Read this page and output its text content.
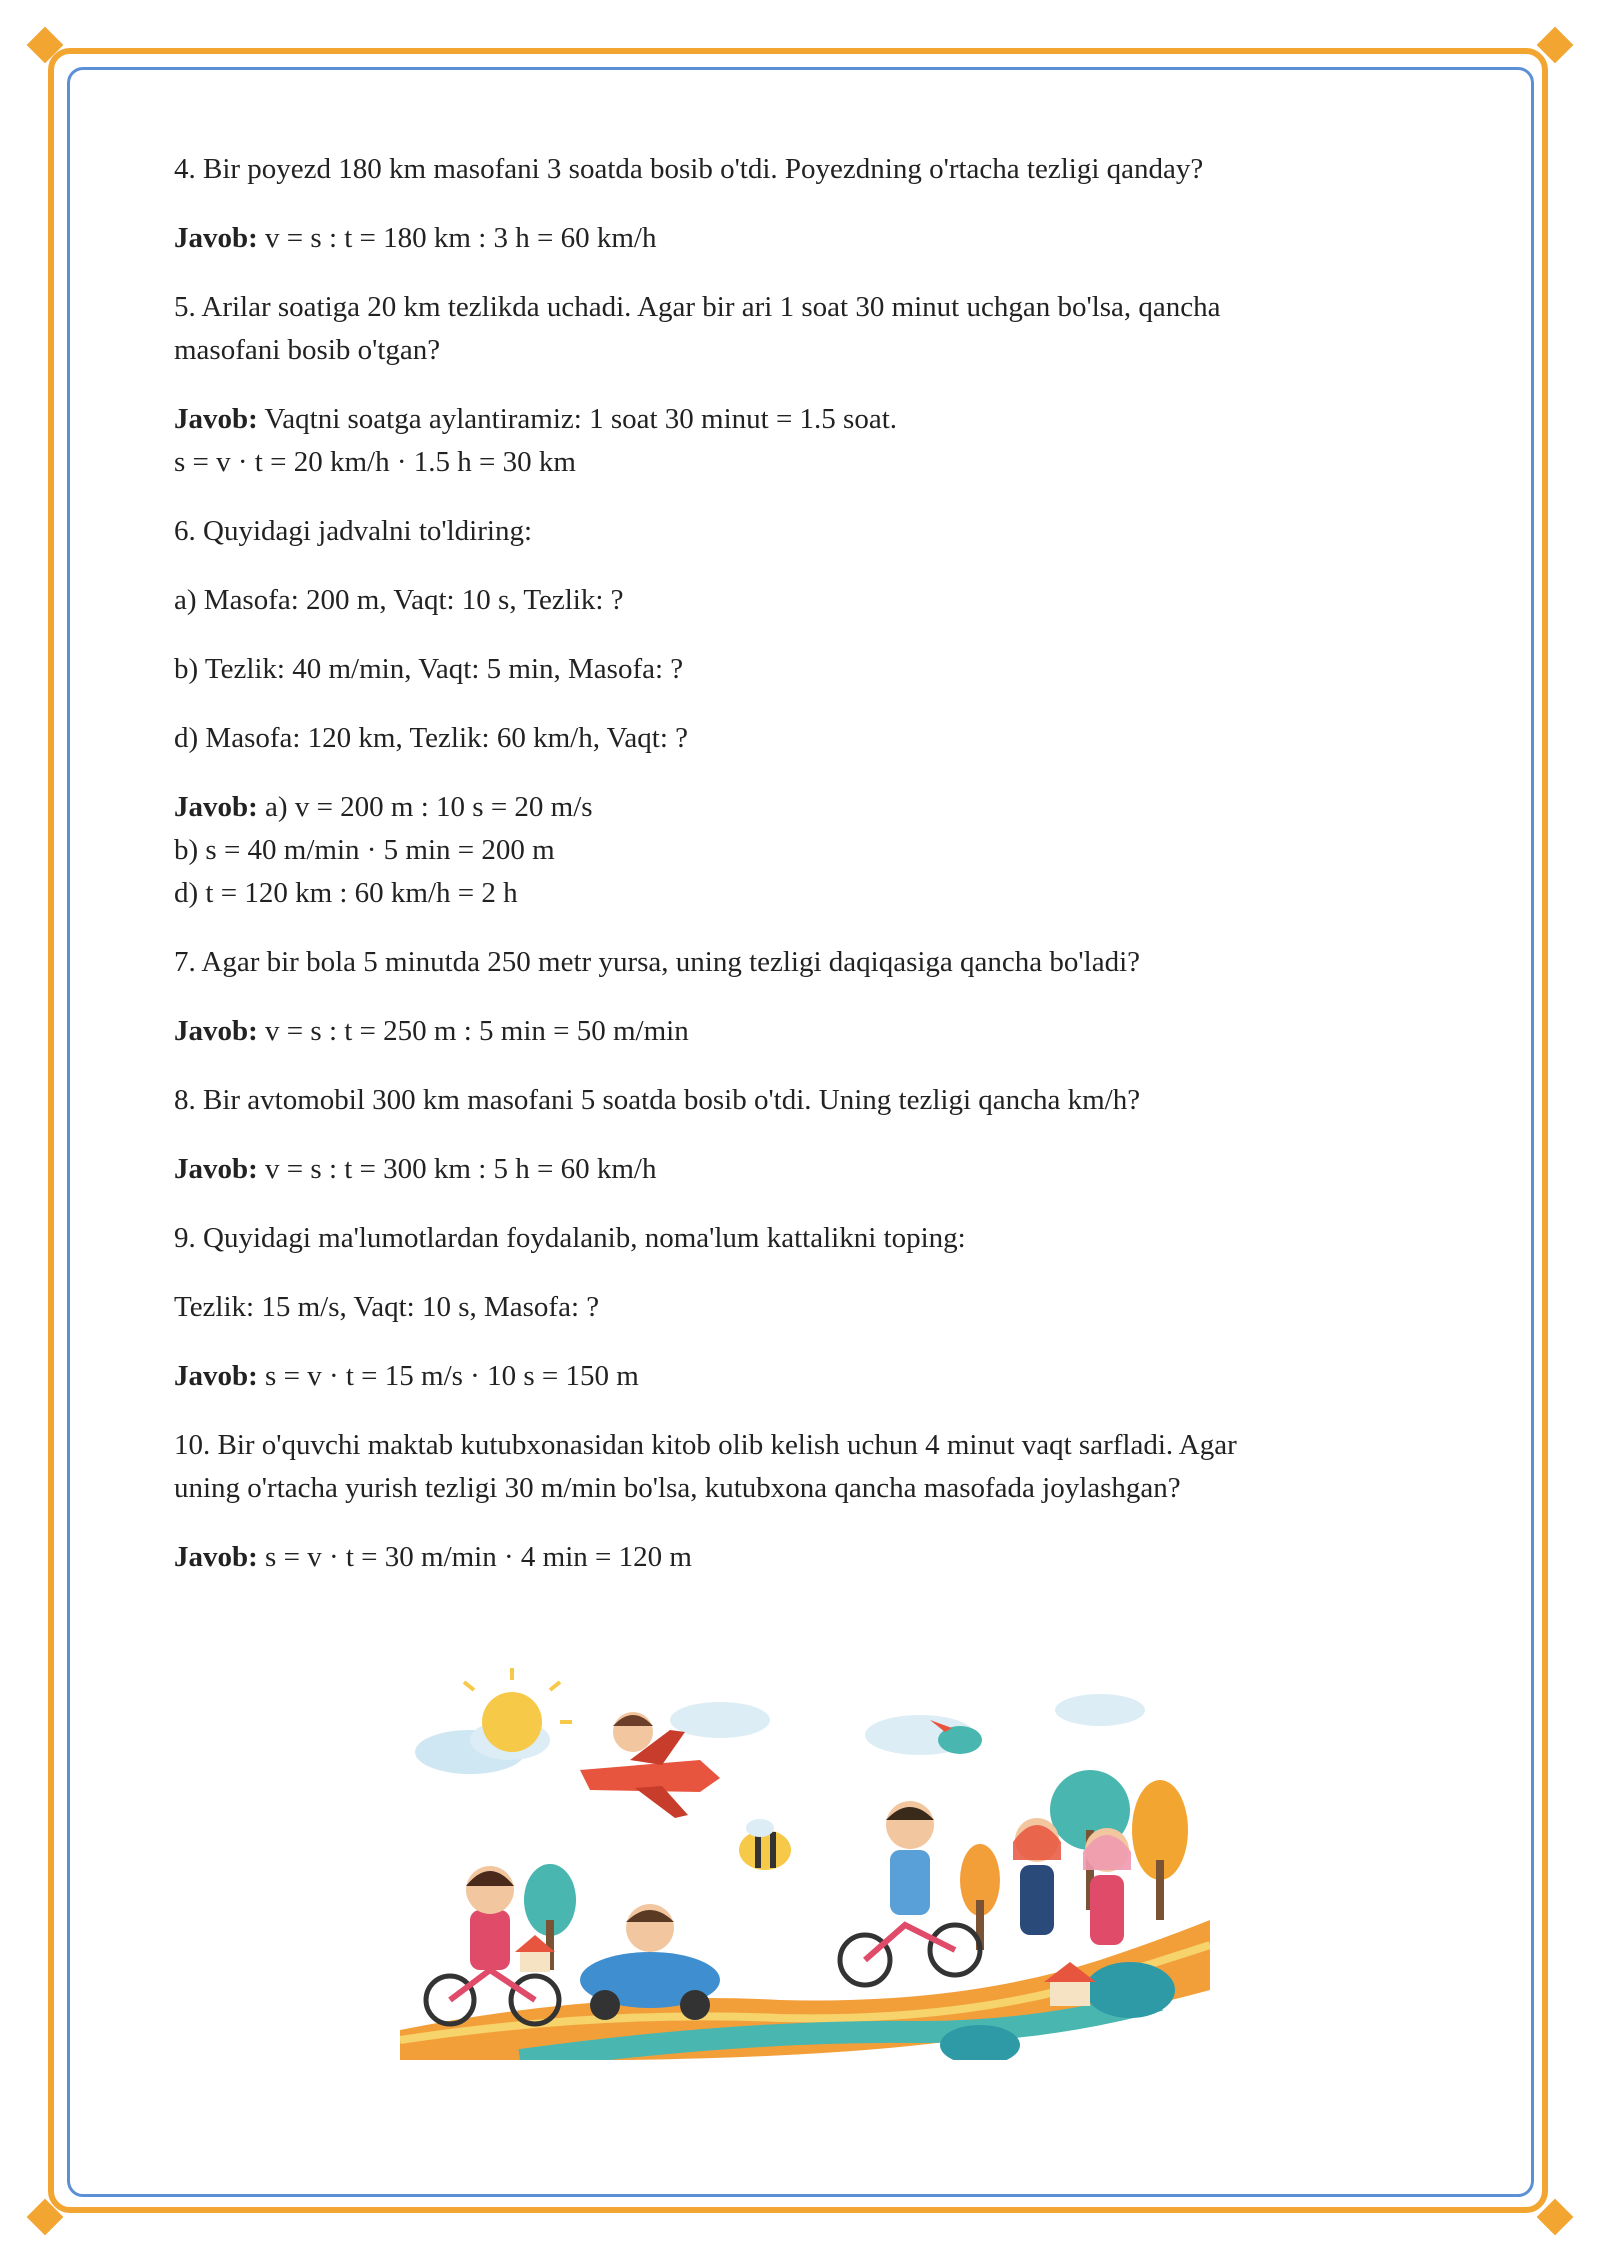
4. Bir poyezd 180 km masofani 3 soatda bosib o'tdi. Poyezdning o'rtacha tezligi qanday?

Javob: v = s : t = 180 km : 3 h = 60 km/h

5. Arilar soatiga 20 km tezlikda uchadi. Agar bir ari 1 soat 30 minut uchgan bo'lsa, qancha
masofani bosib o'tgan?

Javob: Vaqtni soatga aylantiramiz: 1 soat 30 minut = 1.5 soat.
s = v · t = 20 km/h · 1.5 h = 30 km

6. Quyidagi jadvalni to'ldiring:

a) Masofa: 200 m, Vaqt: 10 s, Tezlik: ?

b) Tezlik: 40 m/min, Vaqt: 5 min, Masofa: ?

d) Masofa: 120 km, Tezlik: 60 km/h, Vaqt: ?

Javob: a) v = 200 m : 10 s = 20 m/s
b) s = 40 m/min · 5 min = 200 m
d) t = 120 km : 60 km/h = 2 h

7. Agar bir bola 5 minutda 250 metr yursa, uning tezligi daqiqasiga qancha bo'ladi?

Javob: v = s : t = 250 m : 5 min = 50 m/min

8. Bir avtomobil 300 km masofani 5 soatda bosib o'tdi. Uning tezligi qancha km/h?

Javob: v = s : t = 300 km : 5 h = 60 km/h

9. Quyidagi ma'lumotlardan foydalanib, noma'lum kattalikni toping:

Tezlik: 15 m/s, Vaqt: 10 s, Masofa: ?

Javob: s = v · t = 15 m/s · 10 s = 150 m

10. Bir o'quvchi maktab kutubxonasidan kitob olib kelish uchun 4 minut vaqt sarfladi. Agar
uning o'rtacha yurish tezligi 30 m/min bo'lsa, kutubxona qancha masofada joylashgan?

Javob: s = v · t = 30 m/min · 4 min = 120 m
